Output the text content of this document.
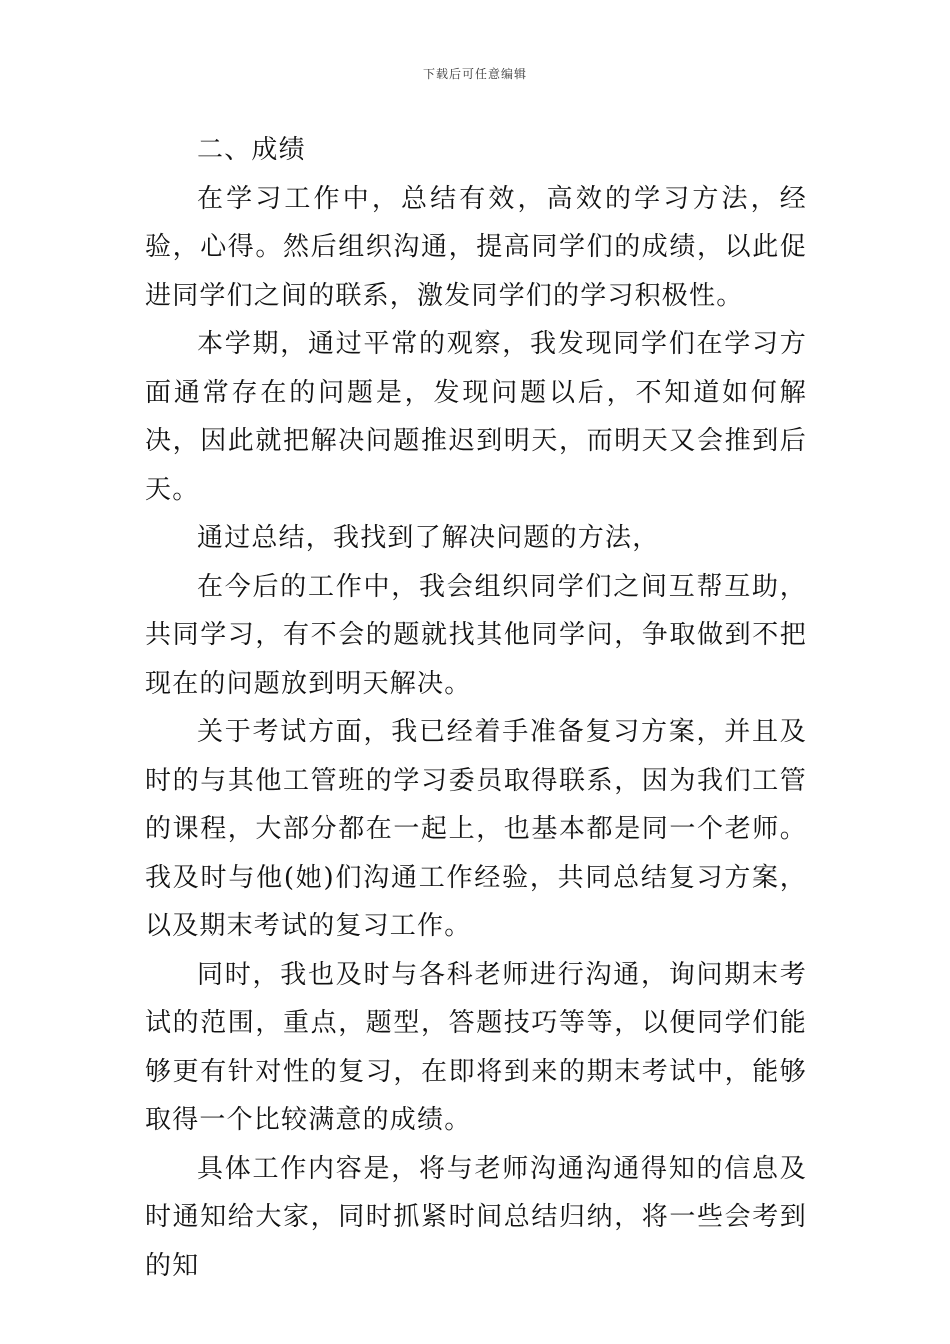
下载后可任意编辑

二、成绩

在学习工作中，总结有效，高效的学习方法，经验，心得。然后组织沟通，提高同学们的成绩，以此促进同学们之间的联系，激发同学们的学习积极性。

本学期，通过平常的观察，我发现同学们在学习方面通常存在的问题是，发现问题以后，不知道如何解决，因此就把解决问题推迟到明天，而明天又会推到后天。

通过总结，我找到了解决问题的方法，

在今后的工作中，我会组织同学们之间互帮互助，共同学习，有不会的题就找其他同学问，争取做到不把现在的问题放到明天解决。

关于考试方面，我已经着手准备复习方案，并且及时的与其他工管班的学习委员取得联系，因为我们工管的课程，大部分都在一起上，也基本都是同一个老师。我及时与他(她)们沟通工作经验，共同总结复习方案，以及期末考试的复习工作。

同时，我也及时与各科老师进行沟通，询问期末考试的范围，重点，题型，答题技巧等等，以便同学们能够更有针对性的复习，在即将到来的期末考试中，能够取得一个比较满意的成绩。

具体工作内容是，将与老师沟通沟通得知的信息及时通知给大家，同时抓紧时间总结归纳，将一些会考到的知
